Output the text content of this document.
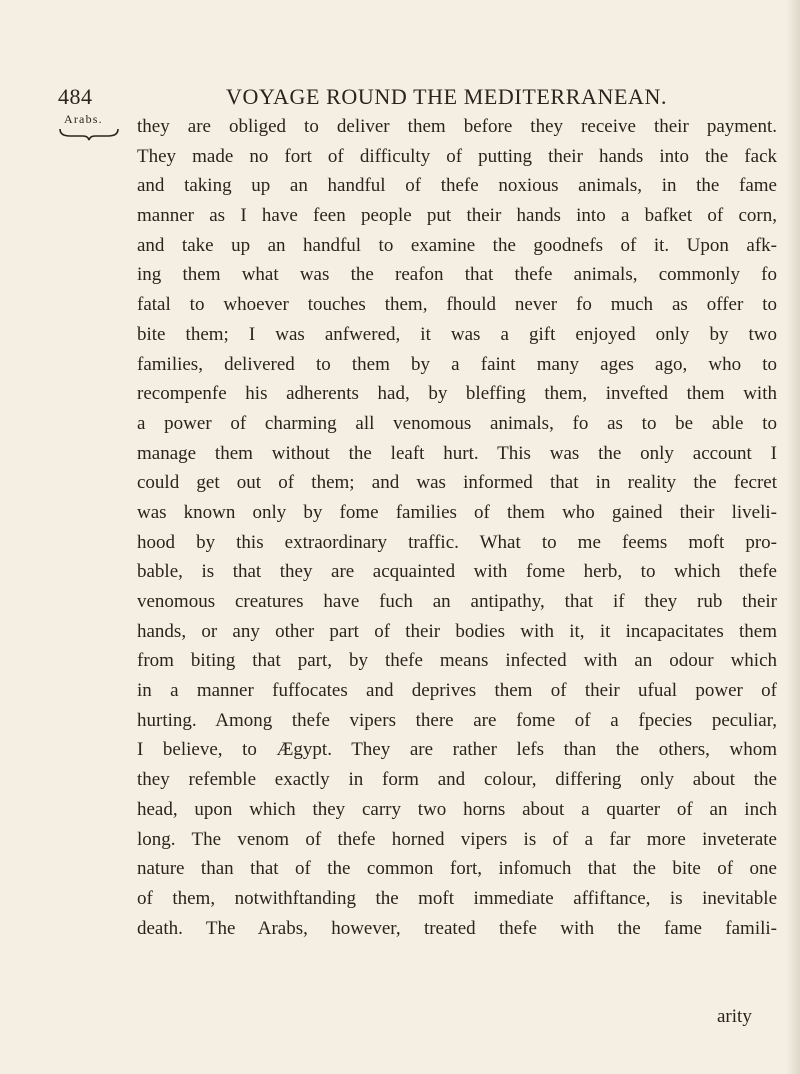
484	VOYAGE ROUND THE MEDITERRANEAN.
Arabs.	they are obliged to deliver them before they receive their payment.
They made no fort of difficulty of putting their hands into the fack
and taking up an handful of thefe noxious animals, in the fame
manner as I have feen people put their hands into a bafket of corn,
and take up an handful to examine the goodnefs of it. Upon afk-
ing them what was the reafon that thefe animals, commonly fo
fatal to whoever touches them, fhould never fo much as offer to
bite them; I was anfwered, it was a gift enjoyed only by two
families, delivered to them by a faint many ages ago, who to
recompenfe his adherents had, by bleffing them, invefted them with
a power of charming all venomous animals, fo as to be able to
manage them without the leaft hurt. This was the only account I
could get out of them; and was informed that in reality the fecret
was known only by fome families of them who gained their liveli-
hood by this extraordinary traffic. What to me feems moft pro-
bable, is that they are acquainted with fome herb, to which thefe
venomous creatures have fuch an antipathy, that if they rub their
hands, or any other part of their bodies with it, it incapacitates them
from biting that part, by thefe means infected with an odour which
in a manner fuffocates and deprives them of their ufual power of
hurting. Among thefe vipers there are fome of a fpecies peculiar,
I believe, to Ægypt. They are rather lefs than the others, whom
they refemble exactly in form and colour, differing only about the
head, upon which they carry two horns about a quarter of an inch
long. The venom of thefe horned vipers is of a far more inveterate
nature than that of the common fort, infomuch that the bite of one
of them, notwithftanding the moft immediate affiftance, is inevitable
death. The Arabs, however, treated thefe with the fame famili-
arity
